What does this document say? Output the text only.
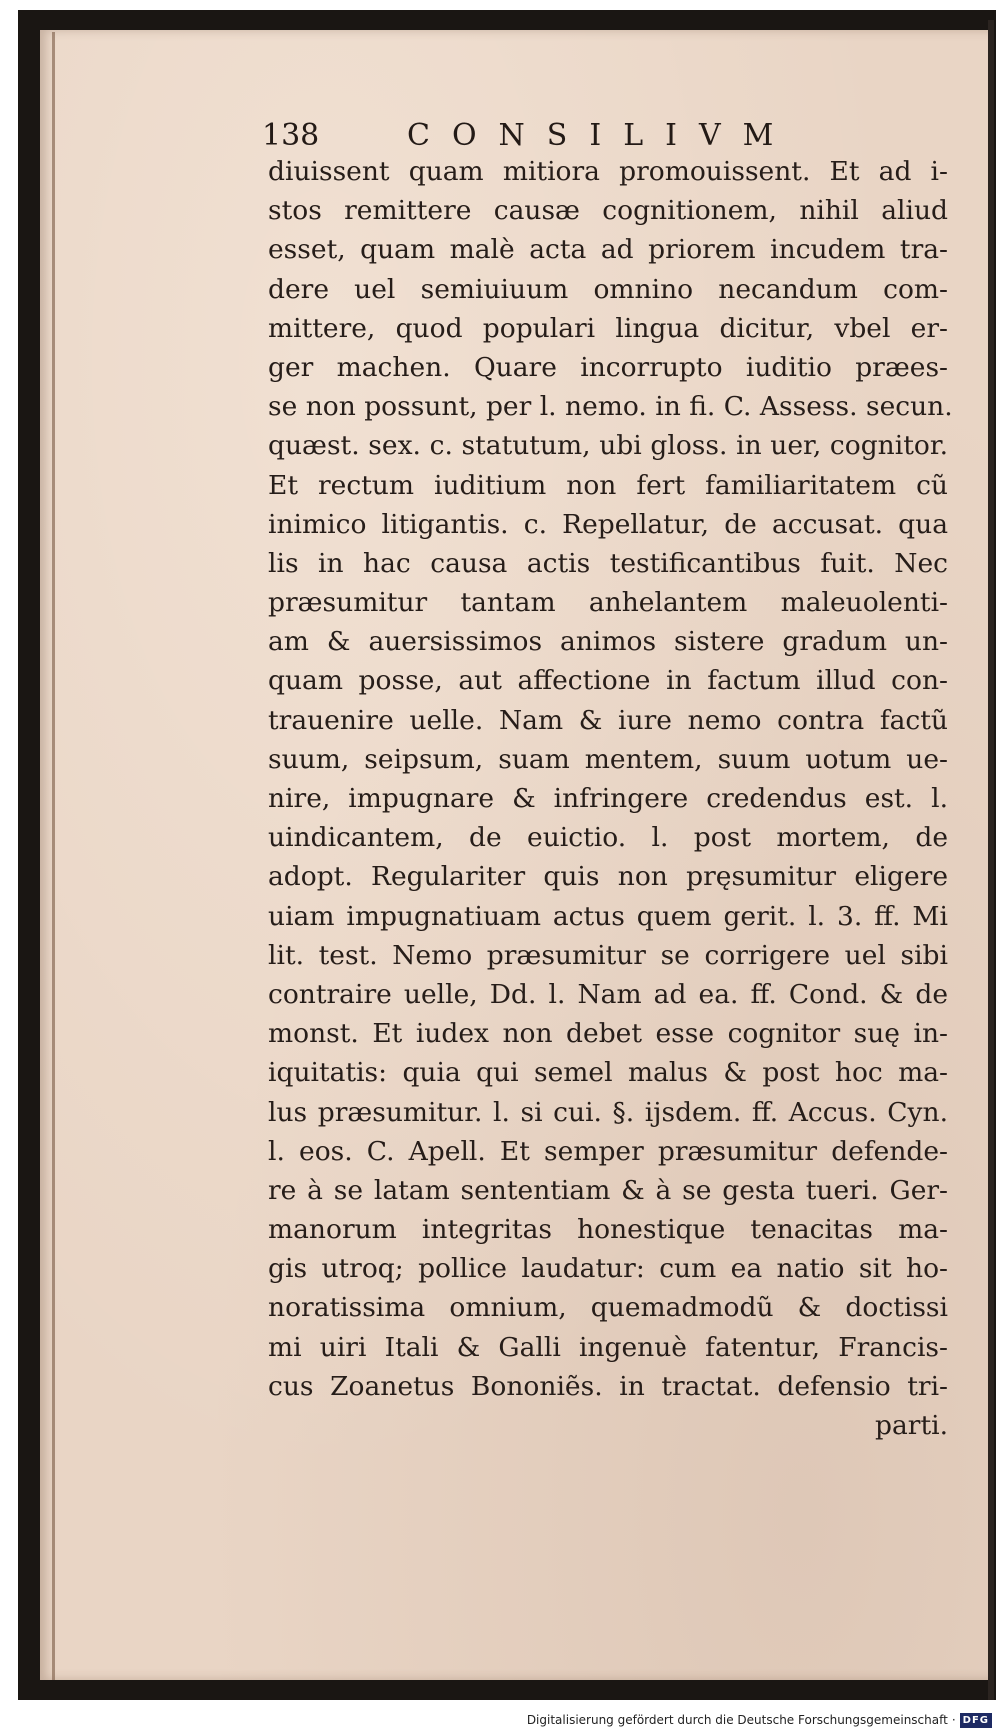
138	CONSILIVM
diuissent quam mitiora promouissent. Et ad i-
stos remittere causæ cognitionem, nihil aliud
esset, quam malè acta ad priorem incudem tra-
dere uel semiuiuum omnino necandum com-
mittere, quod populari lingua dicitur, vbel er-
ger machen. Quare incorrupto iuditio præes-
se non possunt, per l. nemo. in fi. C. Assess. secun.
quæst. sex. c. statutum, ubi gloss. in uer, cognitor.
Et rectum iuditium non fert familiaritatem cũ
inimico litigantis. c. Repellatur, de accusat. qua
lis in hac causa actis testificantibus fuit. Nec
præsumitur tantam anhelantem maleuolenti-
am & auersissimos animos sistere gradum un-
quam posse, aut affectione in factum illud con-
trauenire uelle. Nam & iure nemo contra factũ
suum, seipsum, suam mentem, suum uotum ue-
nire, impugnare & infringere credendus est. l.
uindicantem, de euictio. l. post mortem, de
adopt. Regulariter quis non pręsumitur eligere
uiam impugnatiuam actus quem gerit. l. 3. ff. Mi
lit. test. Nemo præsumitur se corrigere uel sibi
contraire uelle, Dd. l. Nam ad ea. ff. Cond. & de
monst. Et iudex non debet esse cognitor suę in-
iquitatis: quia qui semel malus & post hoc ma-
lus præsumitur. l. si cui. §. ijsdem. ff. Accus. Cyn.
l. eos. C. Apell. Et semper præsumitur defende-
re à se latam sententiam & à se gesta tueri. Ger-
manorum integritas honestique tenacitas ma-
gis utroq; pollice laudatur: cum ea natio sit ho-
noratissima omnium, quemadmodũ & doctissi
mi uiri Itali & Galli ingenuè fatentur, Francis-
cus Zoanetus Bononiẽs. in tractat. defensio tri-
parti.
Digitalisierung gefördert durch die Deutsche Forschungsgemeinschaft · DFG
